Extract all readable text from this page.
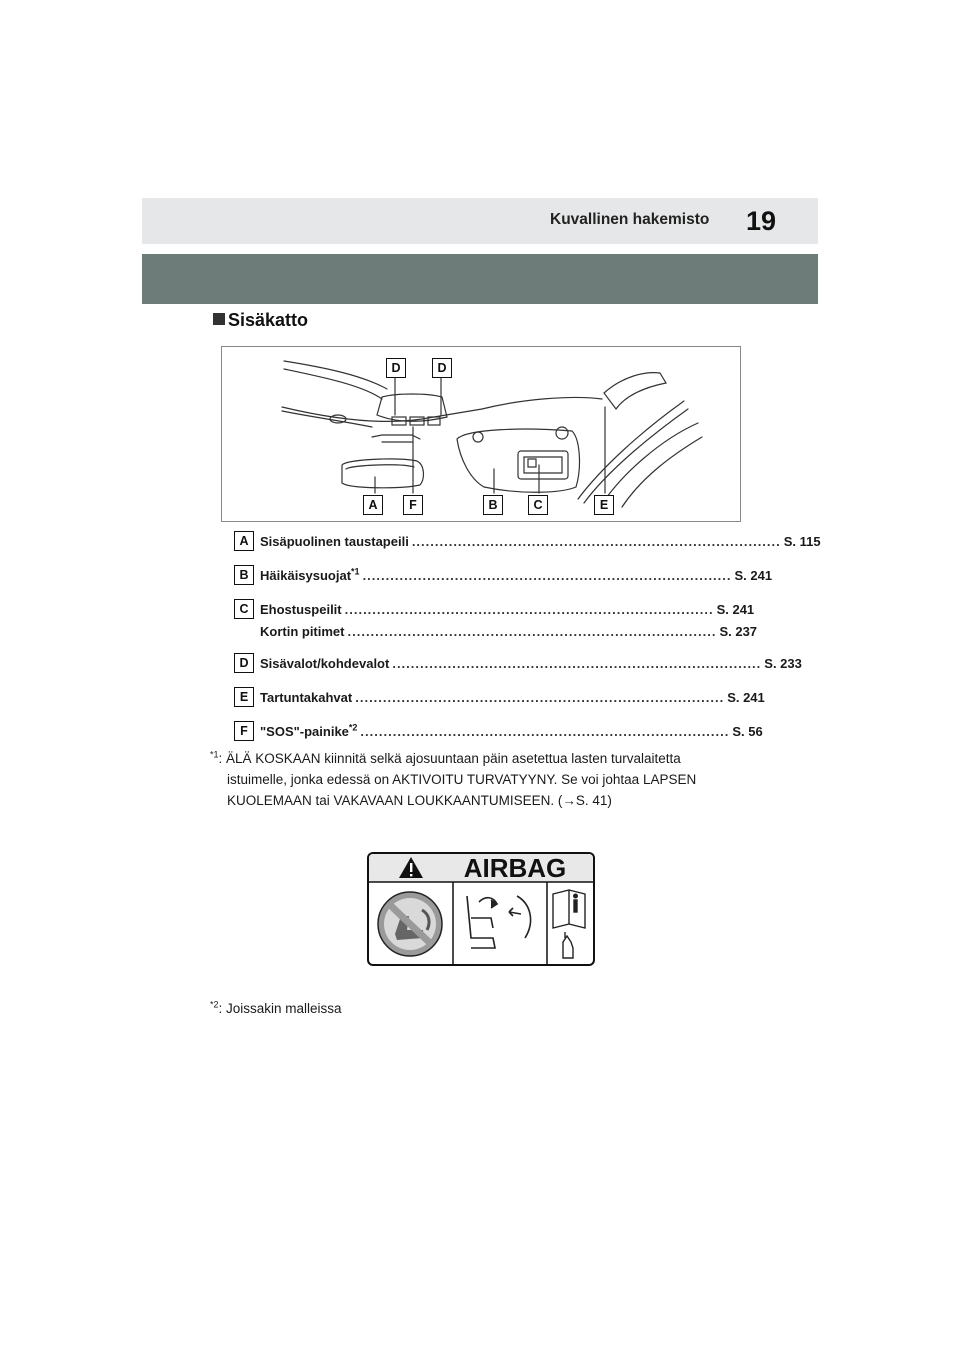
Kuvallinen hakemisto 19
Sisäkatto
D	D
A	F	B	C	E
A Sisäpuolinen taustapeili ................................................................................ S. 115
B Häikäisysuojat$^{*1}$ ................................................................................ S. 241
C Ehostuspeilit ................................................................................ S. 241
Kortin pitimet ................................................................................ S. 237
D Sisävalot/kohdevalot ................................................................................ S. 233
E Tartuntakahvat ................................................................................ S. 241
F "SOS"-painike$^{*2}$ ................................................................................ S. 56
$^{*1}$: ÄLÄ KOSKAAN kiinnitä selkä ajosuuntaan päin asetettua lasten turvalaitetta
istuimelle, jonka edessä on AKTIVOITU TURVATYYNY. Se voi johtaa LAPSEN
KUOLEMAAN tai VAKAVAAN LOUKKAANTUMISEEN. (→S. 41)
AIRBAG
$^{*2}$: Joissakin malleissa
